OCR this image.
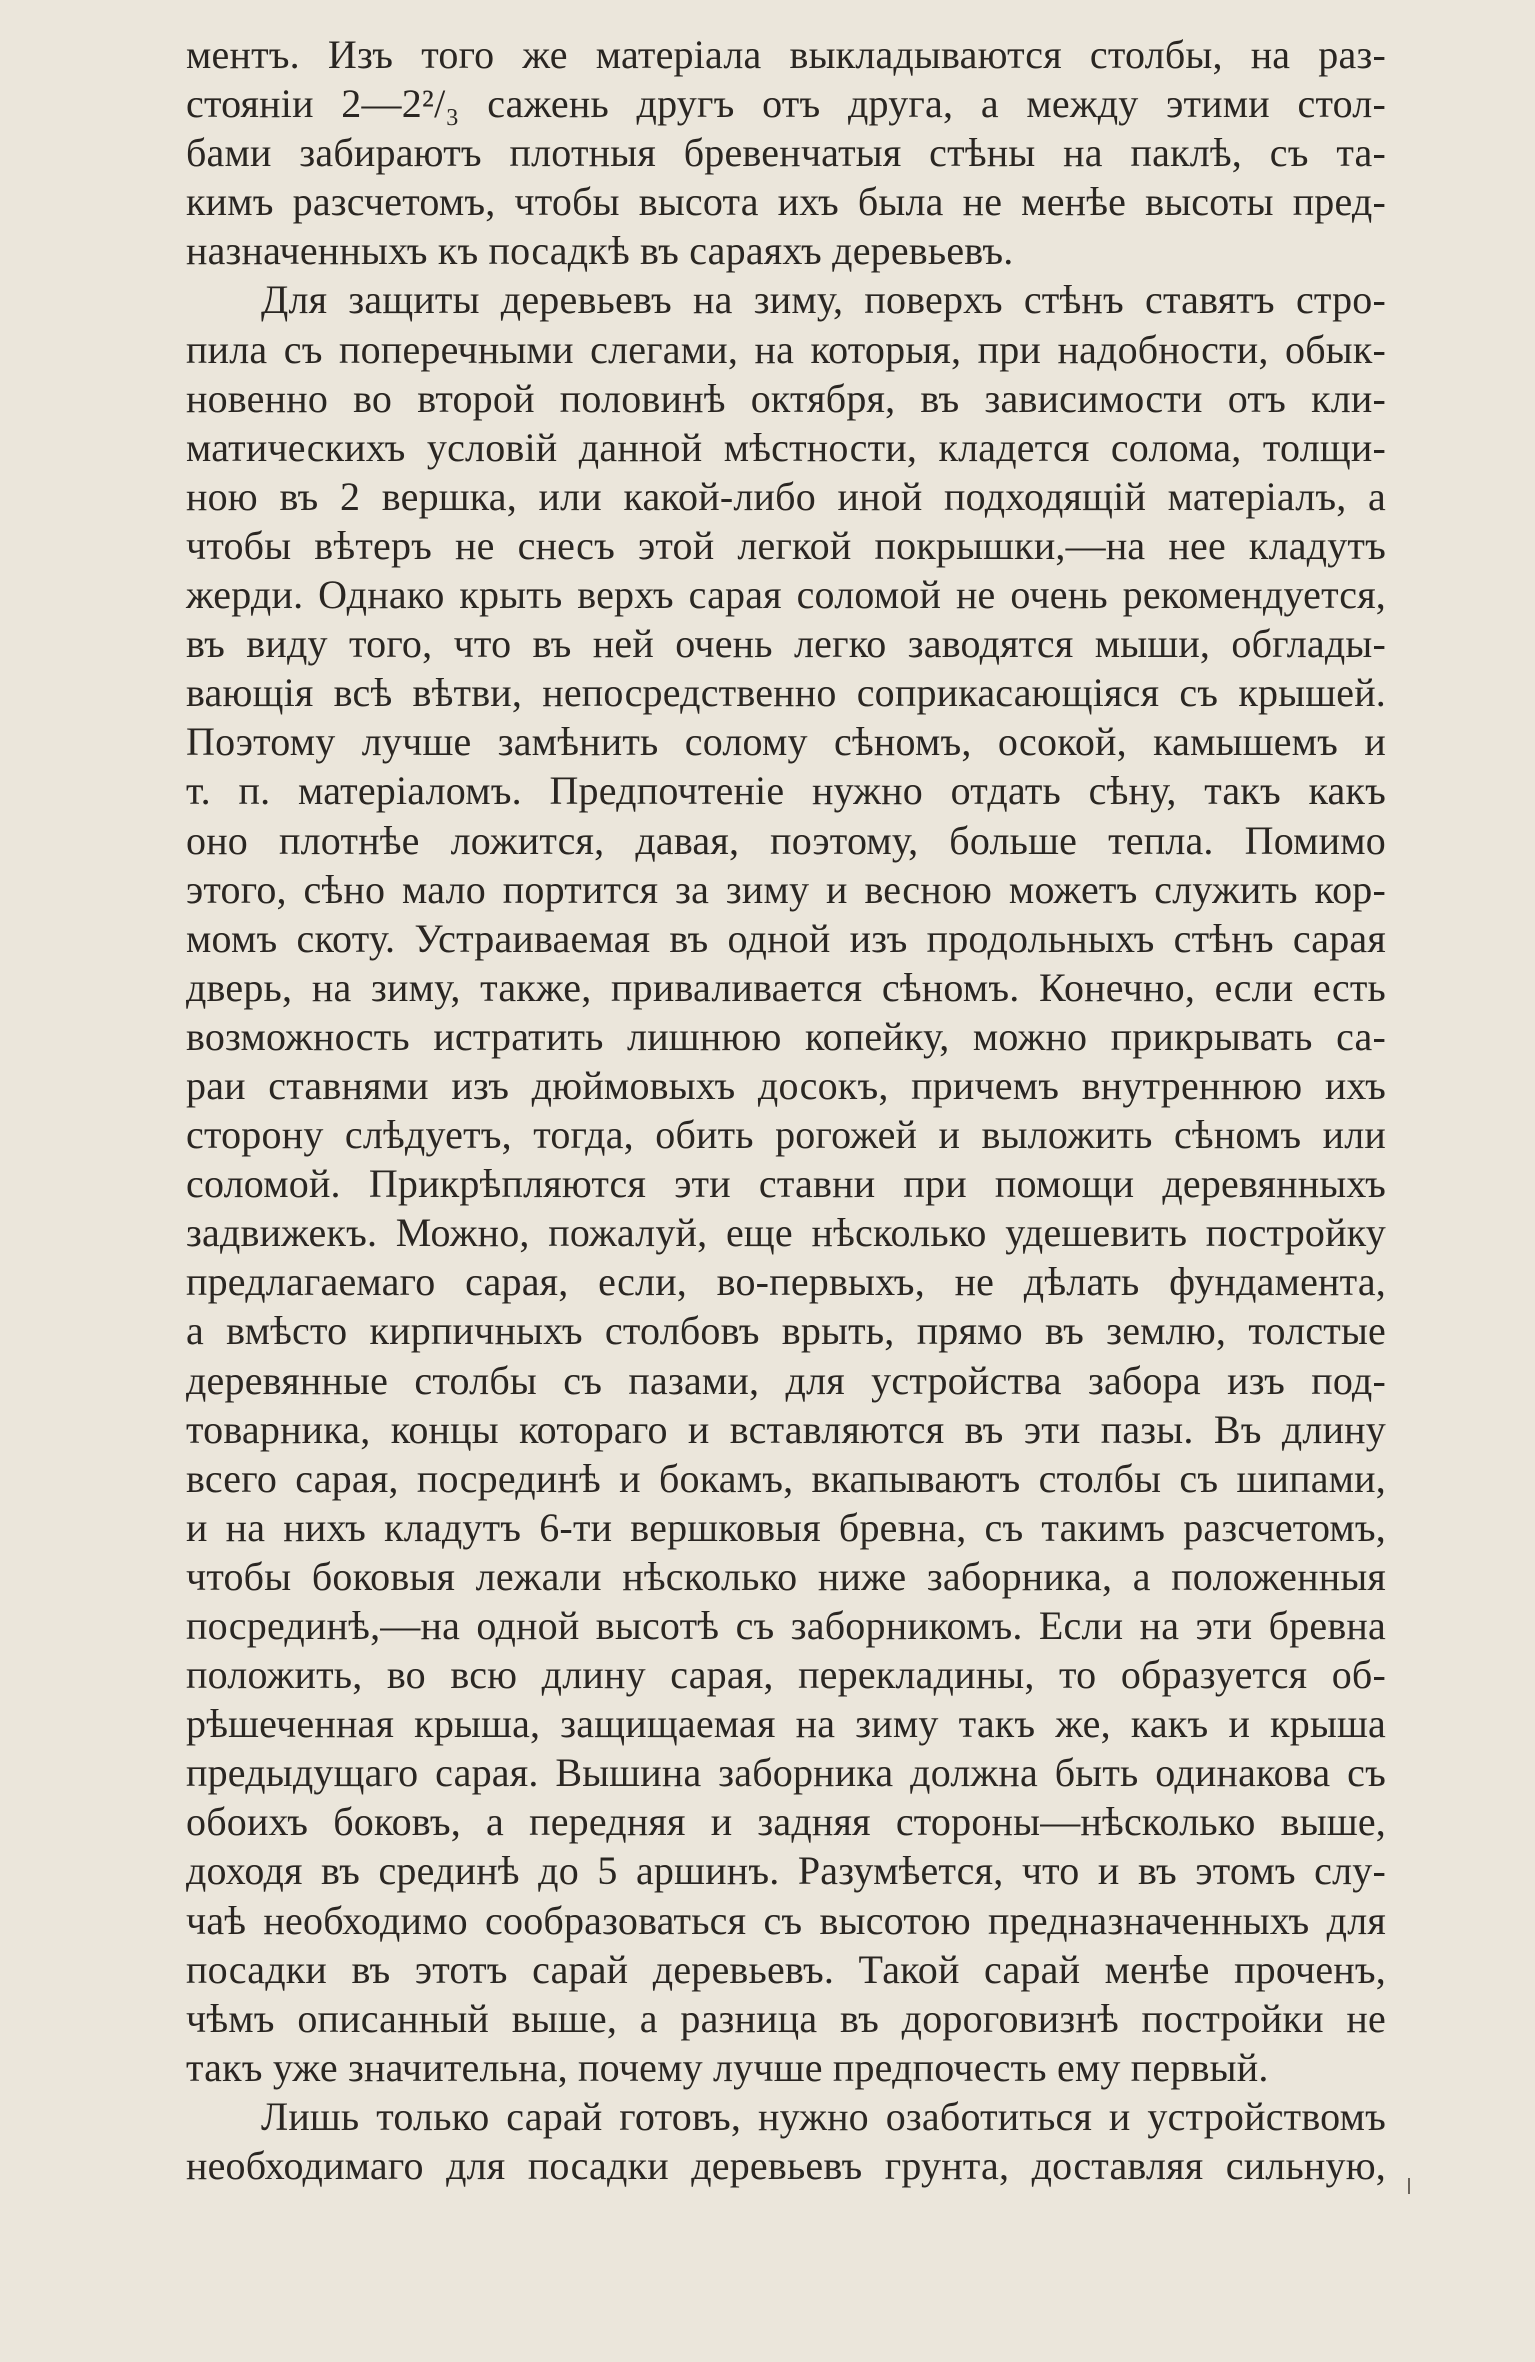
ментъ. Изъ того же матеріала выкладываются столбы, на раз-
стояніи 2—2²/₃ сажень другъ отъ друга, а между этими стол-
бами забираютъ плотныя бревенчатыя стѣны на паклѣ, съ та-
кимъ разсчетомъ, чтобы высота ихъ была не менѣе высоты пред-
назначенныхъ къ посадкѣ въ сараяхъ деревьевъ.
Для защиты деревьевъ на зиму, поверхъ стѣнъ ставятъ стро-
пила съ поперечными слегами, на которыя, при надобности, обык-
новенно во второй половинѣ октября, въ зависимости отъ кли-
матическихъ условій данной мѣстности, кладется солома, толщи-
ною въ 2 вершка, или какой-либо иной подходящій матеріалъ, а
чтобы вѣтеръ не снесъ этой легкой покрышки,—на нее кладутъ
жерди. Однако крыть верхъ сарая соломой не очень рекомендуется,
въ виду того, что въ ней очень легко заводятся мыши, обглады-
вающія всѣ вѣтви, непосредственно соприкасающіяся съ крышей.
Поэтому лучше замѣнить солому сѣномъ, осокой, камышемъ и
т. п. матеріаломъ. Предпочтеніе нужно отдать сѣну, такъ какъ
оно плотнѣе ложится, давая, поэтому, больше тепла. Помимо
этого, сѣно мало портится за зиму и весною можетъ служить кор-
момъ скоту. Устраиваемая въ одной изъ продольныхъ стѣнъ сарая
дверь, на зиму, также, приваливается сѣномъ. Конечно, если есть
возможность истратить лишнюю копейку, можно прикрывать са-
раи ставнями изъ дюймовыхъ досокъ, причемъ внутреннюю ихъ
сторону слѣдуетъ, тогда, обить рогожей и выложить сѣномъ или
соломой. Прикрѣпляются эти ставни при помощи деревянныхъ
задвижекъ. Можно, пожалуй, еще нѣсколько удешевить постройку
предлагаемаго сарая, если, во-первыхъ, не дѣлать фундамента,
а вмѣсто кирпичныхъ столбовъ врыть, прямо въ землю, толстые
деревянные столбы съ пазами, для устройства забора изъ под-
товарника, концы котораго и вставляются въ эти пазы. Въ длину
всего сарая, посрединѣ и бокамъ, вкапываютъ столбы съ шипами,
и на нихъ кладутъ 6-ти вершковыя бревна, съ такимъ разсчетомъ,
чтобы боковыя лежали нѣсколько ниже заборника, а положенныя
посрединѣ,—на одной высотѣ съ заборникомъ. Если на эти бревна
положить, во всю длину сарая, перекладины, то образуется об-
рѣшеченная крыша, защищаемая на зиму такъ же, какъ и крыша
предыдущаго сарая. Вышина заборника должна быть одинакова съ
обоихъ боковъ, а передняя и задняя стороны—нѣсколько выше,
доходя въ срединѣ до 5 аршинъ. Разумѣется, что и въ этомъ слу-
чаѣ необходимо сообразоваться съ высотою предназначенныхъ для
посадки въ этотъ сарай деревьевъ. Такой сарай менѣе проченъ,
чѣмъ описанный выше, а разница въ дороговизнѣ постройки не
такъ уже значительна, почему лучше предпочесть ему первый.
Лишь только сарай готовъ, нужно озаботиться и устройствомъ
необходимаго для посадки деревьевъ грунта, доставляя сильную,
